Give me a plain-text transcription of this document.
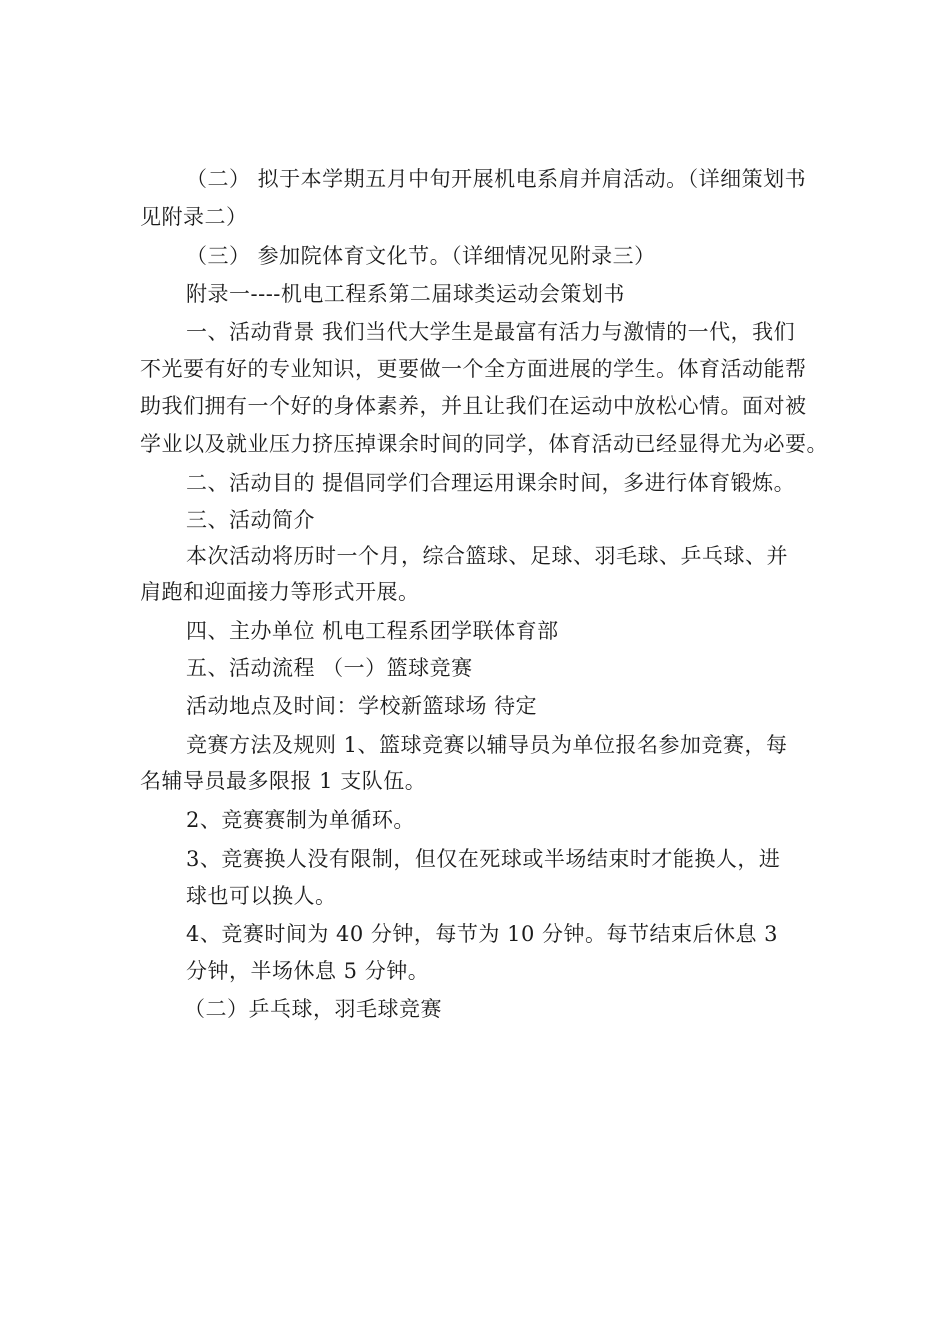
（二） 拟于本学期五月中旬开展机电系肩并肩活动。（详细策划书
见附录二）
（三） 参加院体育文化节。（详细情况见附录三）
附录一----机电工程系第二届球类运动会策划书
一、活动背景 我们当代大学生是最富有活力与激情的一代，我们
不光要有好的专业知识，更要做一个全方面进展的学生。体育活动能帮
助我们拥有一个好的身体素养，并且让我们在运动中放松心情。面对被
学业以及就业压力挤压掉课余时间的同学，体育活动已经显得尤为必要。
二、活动目的 提倡同学们合理运用课余时间，多进行体育锻炼。
三、活动简介
本次活动将历时一个月，综合篮球、足球、羽毛球、乒乓球、并
肩跑和迎面接力等形式开展。
四、主办单位 机电工程系团学联体育部
五、活动流程 （一）篮球竞赛
活动地点及时间：学校新篮球场 待定
竞赛方法及规则 1、篮球竞赛以辅导员为单位报名参加竞赛，每
名辅导员最多限报 1 支队伍。
2、竞赛赛制为单循环。
3、竞赛换人没有限制，但仅在死球或半场结束时才能换人，进
球也可以换人。
4、竞赛时间为 40 分钟，每节为 10 分钟。每节结束后休息 3
分钟，半场休息 5 分钟。
（二）乒乓球，羽毛球竞赛
